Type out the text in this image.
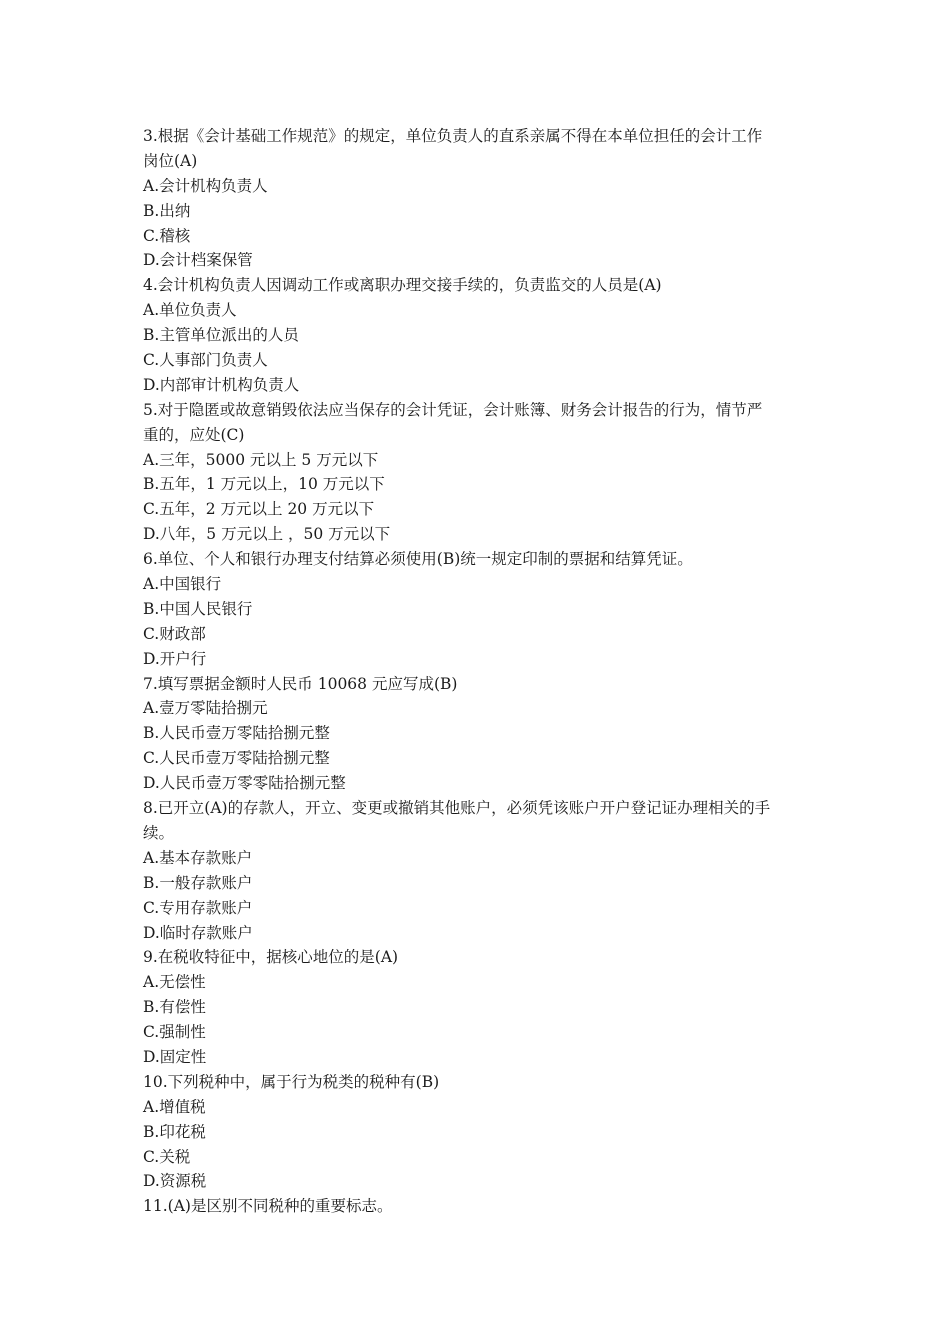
3.根据《会计基础工作规范》的规定，单位负责人的直系亲属不得在本单位担任的会计工作
岗位(A)
A.会计机构负责人
B.出纳
C.稽核
D.会计档案保管
4.会计机构负责人因调动工作或离职办理交接手续的，负责监交的人员是(A)
A.单位负责人
B.主管单位派出的人员
C.人事部门负责人
D.内部审计机构负责人
5.对于隐匿或故意销毁依法应当保存的会计凭证，会计账簿、财务会计报告的行为，情节严
重的，应处(C)
A.三年，5000 元以上 5 万元以下
B.五年，1 万元以上，10 万元以下
C.五年，2 万元以上 20 万元以下
D.八年，5 万元以上 ，50 万元以下
6.单位、个人和银行办理支付结算必须使用(B)统一规定印制的票据和结算凭证。
A.中国银行
B.中国人民银行
C.财政部
D.开户行
7.填写票据金额时人民币 10068 元应写成(B)
A.壹万零陆拾捌元
B.人民币壹万零陆拾捌元整
C.人民币壹万零陆拾捌元整
D.人民币壹万零零陆拾捌元整
8.已开立(A)的存款人，开立、变更或撤销其他账户，必须凭该账户开户登记证办理相关的手
续。
A.基本存款账户
B.一般存款账户
C.专用存款账户
D.临时存款账户
9.在税收特征中，据核心地位的是(A)
A.无偿性
B.有偿性
C.强制性
D.固定性
10.下列税种中，属于行为税类的税种有(B)
A.增值税
B.印花税
C.关税
D.资源税
11.(A)是区别不同税种的重要标志。
